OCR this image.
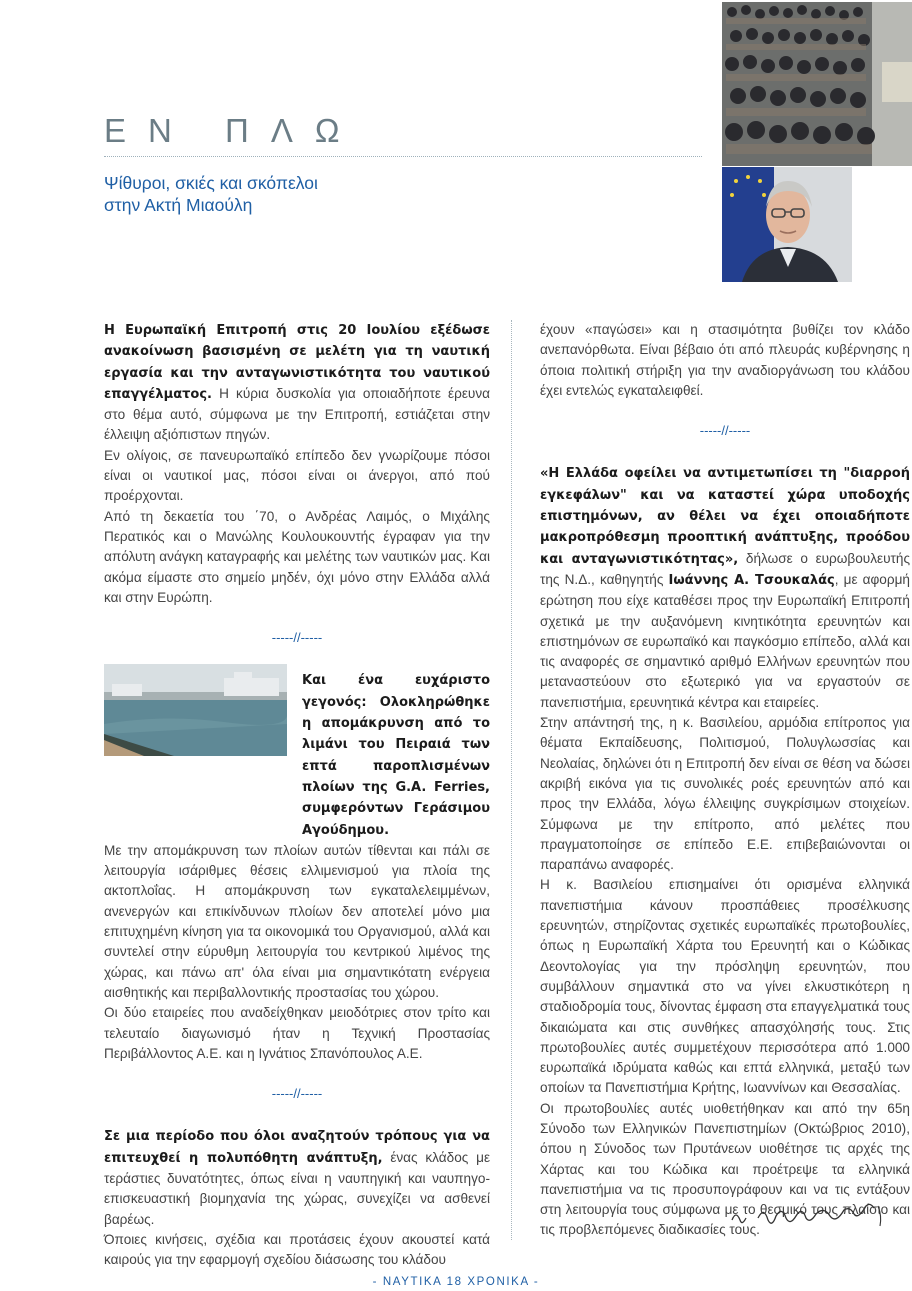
ΕΝ ΠΛΩ
Ψίθυροι, σκιές και σκόπελοι
στην Ακτή Μιαούλη

Η Ευρωπαϊκή Επιτροπή στις 20 Ιουλίου εξέδωσε ανακοίνωση βασισμένη σε μελέτη για τη ναυτική εργασία και την ανταγωνιστικότητα του ναυτικού επαγγέλματος. Η κύρια δυσκολία για οποιαδήποτε έρευνα στο θέμα αυτό, σύμφωνα με την Επιτροπή, εστιάζεται στην έλλειψη αξιόπιστων πηγών.

Εν ολίγοις, σε πανευρωπαϊκό επίπεδο δεν γνωρίζουμε πόσοι είναι οι ναυτικοί μας, πόσοι είναι οι άνεργοι, από πού προέρχονται.

Από τη δεκαετία του ΄70, ο Ανδρέας Λαιμός, ο Μιχάλης Περατικός και ο Μανώλης Κουλουκουντής έγραφαν για την απόλυτη ανάγκη καταγραφής και μελέτης των ναυτικών μας. Και ακόμα είμαστε στο σημείο μηδέν, όχι μόνο στην Ελλάδα αλλά και στην Ευρώπη.

-----//-----

Και ένα ευχάριστο γεγονός: Ολοκληρώθηκε η απομάκρυνση από το λιμάνι του Πειραιά των επτά παροπλισμένων πλοίων της G.A. Ferries, συμφερόντων Γεράσιμου Αγούδημου.

Με την απομάκρυνση των πλοίων αυτών τίθενται και πάλι σε λειτουργία ισάριθμες θέσεις ελλιμενισμού για πλοία της ακτοπλοΐας. Η απομάκρυνση των εγκαταλελειμμένων, ανενεργών και επικίνδυνων πλοίων δεν αποτελεί μόνο μια επιτυχημένη κίνηση για τα οικονομικά του Οργανισμού, αλλά και συντελεί στην εύρυθμη λειτουργία του κεντρικού λιμένος της χώρας, και πάνω απ' όλα είναι μια σημαντικότατη ενέργεια αισθητικής και περιβαλλοντικής προστασίας του χώρου.

Οι δύο εταιρείες που αναδείχθηκαν μειοδότριες στον τρίτο και τελευταίο διαγωνισμό ήταν η Τεχνική Προστασίας Περιβάλλοντος Α.Ε. και η Ιγνάτιος Σπανόπουλος Α.Ε.

-----//-----

Σε μια περίοδο που όλοι αναζητούν τρόπους για να επιτευχθεί η πολυπόθητη ανάπτυξη, ένας κλάδος με τεράστιες δυνατότητες, όπως είναι η ναυπηγική και ναυπηγο-επισκευαστική βιομηχανία της χώρας, συνεχίζει να ασθενεί βαρέως.

Όποιες κινήσεις, σχέδια και προτάσεις έχουν ακουστεί κατά καιρούς για την εφαρμογή σχεδίου διάσωσης του κλάδου

έχουν «παγώσει» και η στασιμότητα βυθίζει τον κλάδο ανεπανόρθωτα. Είναι βέβαιο ότι από πλευράς κυβέρνησης η όποια πολιτική στήριξη για την αναδιοργάνωση του κλάδου έχει εντελώς εγκαταλειφθεί.

-----//-----

«Η Ελλάδα οφείλει να αντιμετωπίσει τη "διαρροή εγκεφάλων" και να καταστεί χώρα υποδοχής επιστημόνων, αν θέλει να έχει οποιαδήποτε μακροπρόθεσμη προοπτική ανάπτυξης, προόδου και ανταγωνιστικότητας», δήλωσε ο ευρωβουλευτής της Ν.Δ., καθηγητής Ιωάννης Α. Τσουκαλάς, με αφορμή ερώτηση που είχε καταθέσει προς την Ευρωπαϊκή Επιτροπή σχετικά με την αυξανόμενη κινητικότητα ερευνητών και επιστημόνων σε ευρωπαϊκό και παγκόσμιο επίπεδο, αλλά και τις αναφορές σε σημαντικό αριθμό Ελλήνων ερευνητών που μεταναστεύουν στο εξωτερικό για να εργαστούν σε πανεπιστήμια, ερευνητικά κέντρα και εταιρείες.

Στην απάντησή της, η κ. Βασιλείου, αρμόδια επίτροπος για θέματα Εκπαίδευσης, Πολιτισμού, Πολυγλωσσίας και Νεολαίας, δηλώνει ότι η Επιτροπή δεν είναι σε θέση να δώσει ακριβή εικόνα για τις συνολικές ροές ερευνητών από και προς την Ελλάδα, λόγω έλλειψης συγκρίσιμων στοιχείων. Σύμφωνα με την επίτροπο, από μελέτες που πραγματοποίησε σε επίπεδο Ε.Ε. επιβεβαιώνονται οι παραπάνω αναφορές.

Η κ. Βασιλείου επισημαίνει ότι ορισμένα ελληνικά πανεπιστήμια κάνουν προσπάθειες προσέλκυσης ερευνητών, στηρίζοντας σχετικές ευρωπαϊκές πρωτοβουλίες, όπως η Ευρωπαϊκή Χάρτα του Ερευνητή και ο Κώδικας Δεοντολογίας για την πρόσληψη ερευνητών, που συμβάλλουν σημαντικά στο να γίνει ελκυστικότερη η σταδιοδρομία τους, δίνοντας έμφαση στα επαγγελματικά τους δικαιώματα και στις συνθήκες απασχόλησής τους. Στις πρωτοβουλίες αυτές συμμετέχουν περισσότερα από 1.000 ευρωπαϊκά ιδρύματα καθώς και επτά ελληνικά, μεταξύ των οποίων τα Πανεπιστήμια Κρήτης, Ιωαννίνων και Θεσσαλίας.

Οι πρωτοβουλίες αυτές υιοθετήθηκαν και από την 65η Σύνοδο των Ελληνικών Πανεπιστημίων (Οκτώβριος 2010), όπου η Σύνοδος των Πρυτάνεων υιοθέτησε τις αρχές της Χάρτας και του Κώδικα και προέτρεψε τα ελληνικά πανεπιστήμια να τις προσυπογράφουν και να τις εντάξουν στη λειτουργία τους σύμφωνα με το θεσμικό τους πλαίσιο και τις προβλεπόμενες διαδικασίες τους.

- ΝΑΥΤΙΚΑ 18 ΧΡΟΝΙΚΑ -
